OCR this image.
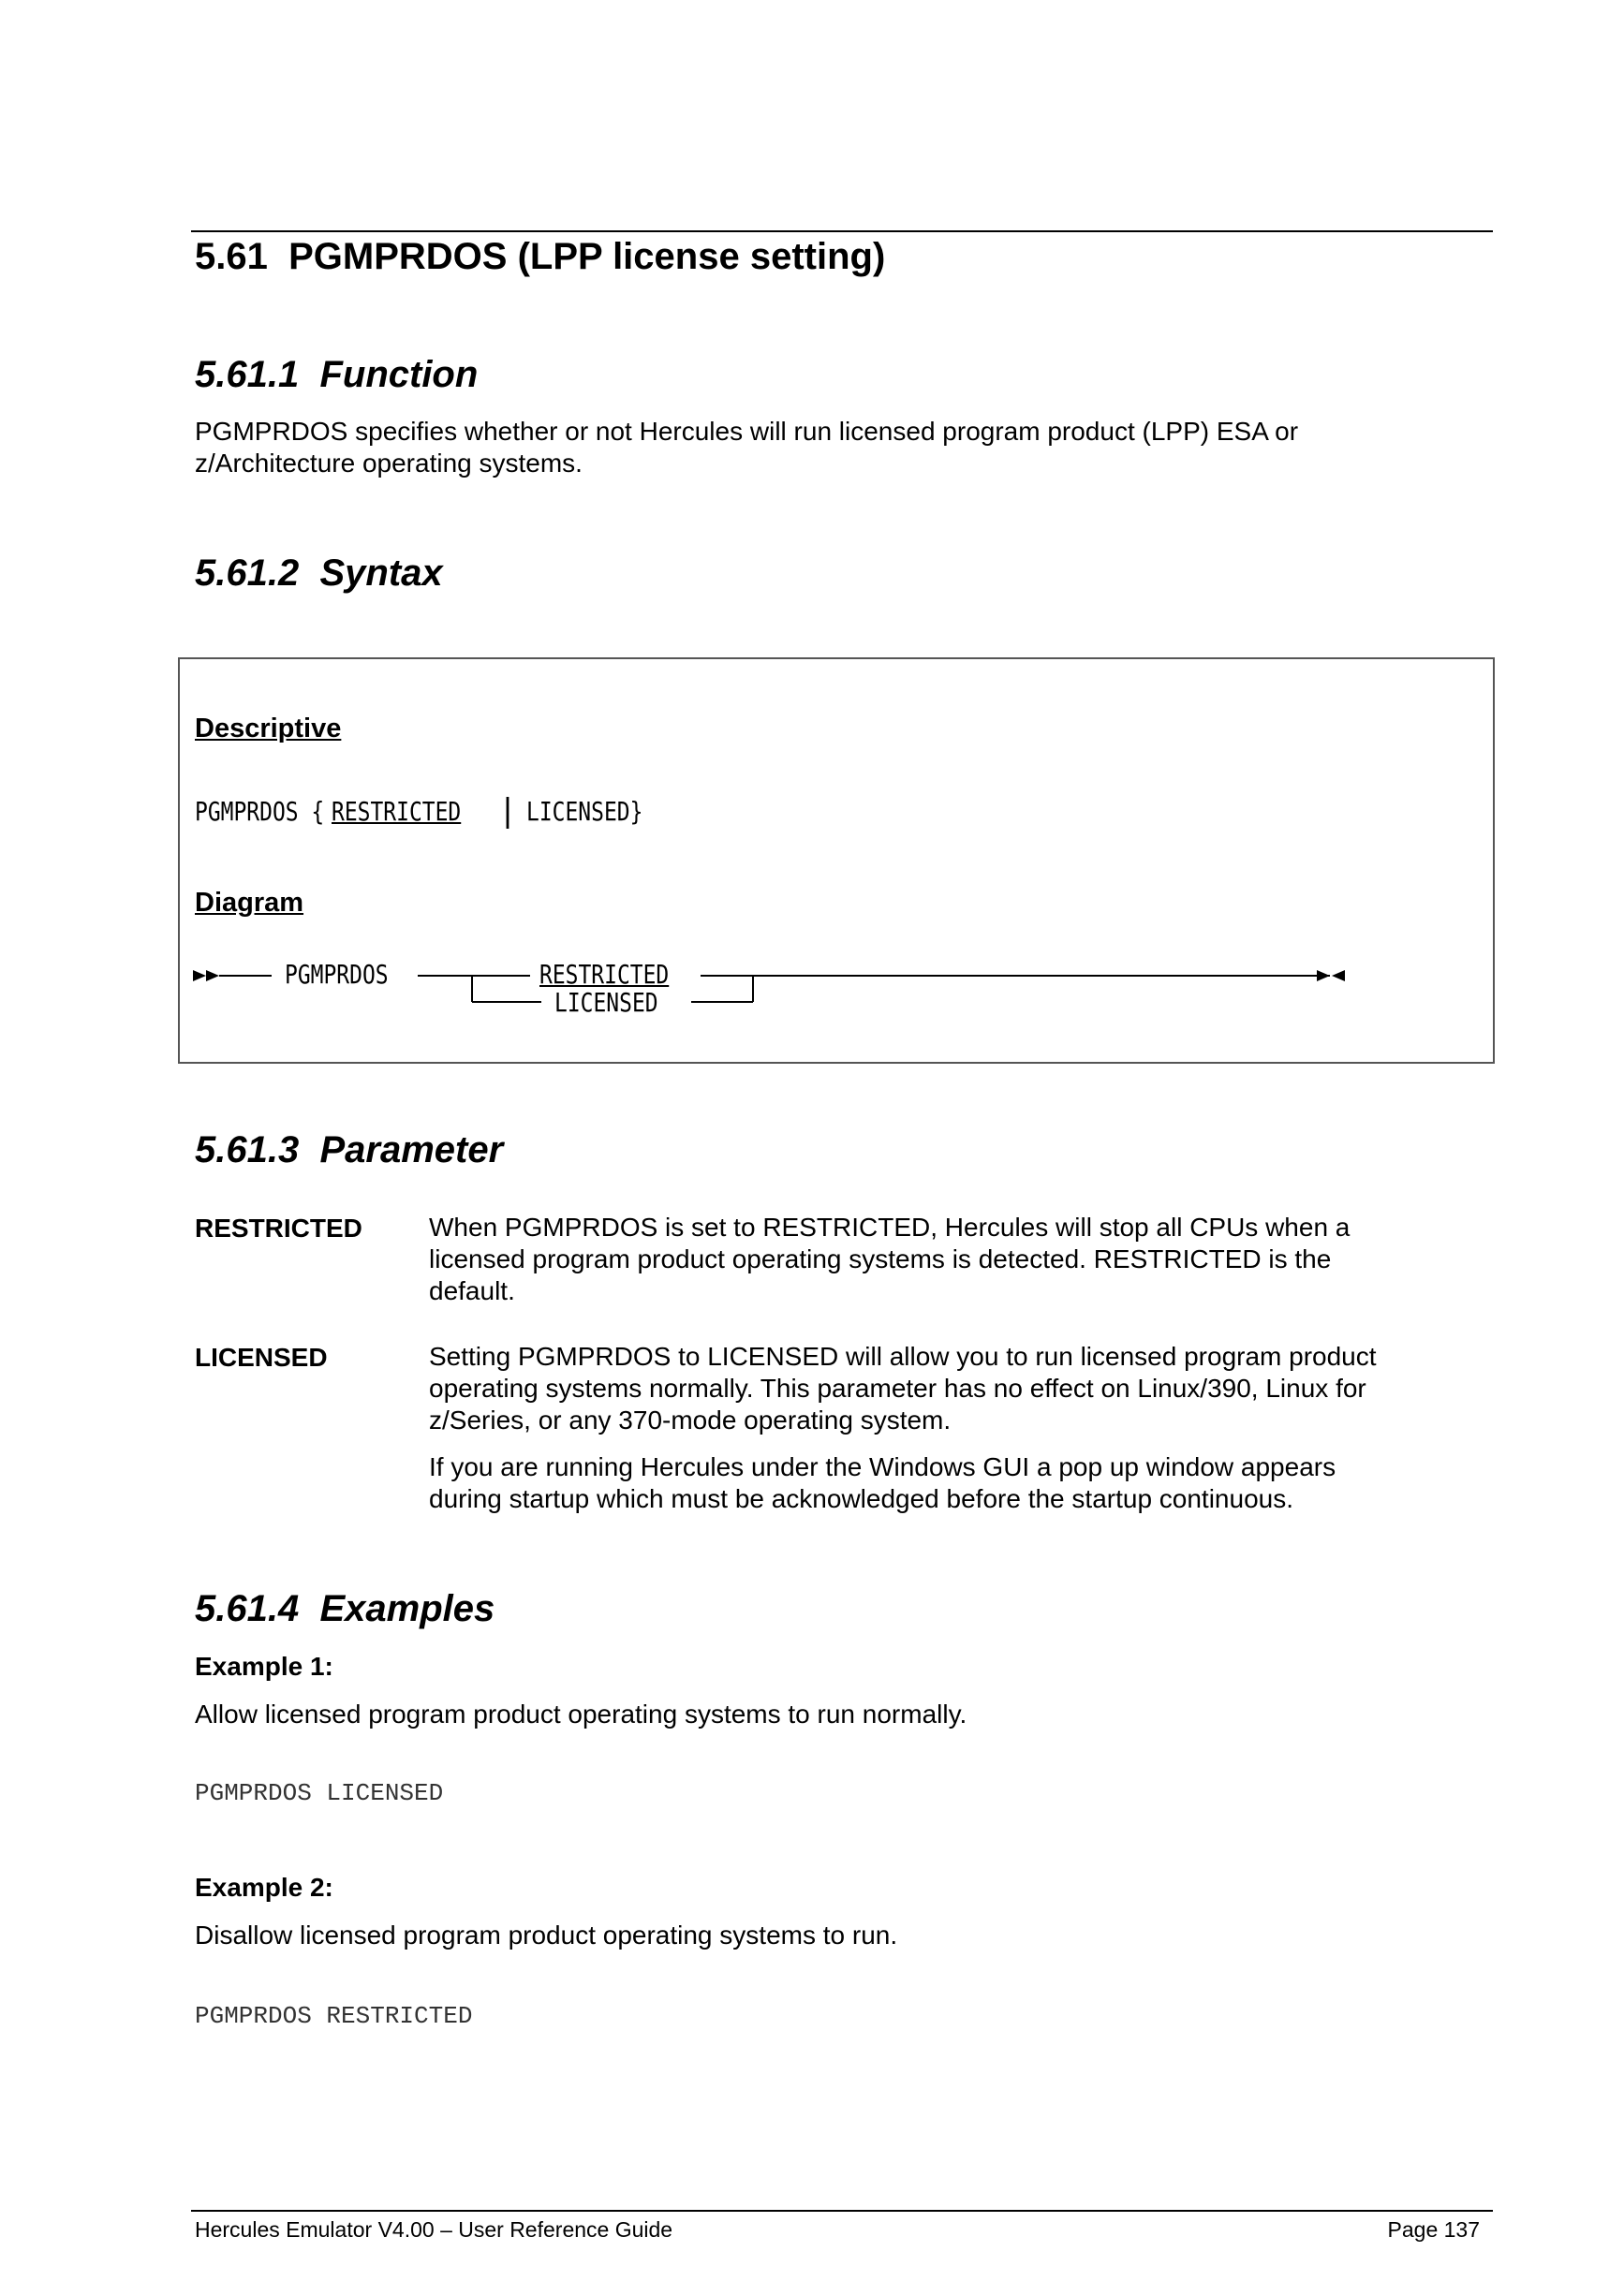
5.61 PGMPRDOS (LPP license setting)
5.61.1 Function
PGMPRDOS specifies whether or not Hercules will run licensed program product (LPP) ESA or
z/Architecture operating systems.
5.61.2 Syntax
Descriptive
PGMPRDOS { RESTRICTED	| LICENSED}
Diagram
PGMPRDOS	RESTRICTED
LICENSED
5.61.3 Parameter
RESTRICTED	When PGMPRDOS is set to RESTRICTED, Hercules will stop all CPUs when a
licensed program product operating systems is detected. RESTRICTED is the
default.
LICENSED	Setting PGMPRDOS to LICENSED will allow you to run licensed program product
operating systems normally. This parameter has no effect on Linux/390, Linux for
z/Series, or any 370-mode operating system.
If you are running Hercules under the Windows GUI a pop up window appears
during startup which must be acknowledged before the startup continuous.
5.61.4 Examples
Example 1:
Allow licensed program product operating systems to run normally.
PGMPRDOS LICENSED
Example 2:
Disallow licensed program product operating systems to run.
PGMPRDOS RESTRICTED
Hercules Emulator V4.00 – User Reference Guide	Page 137
